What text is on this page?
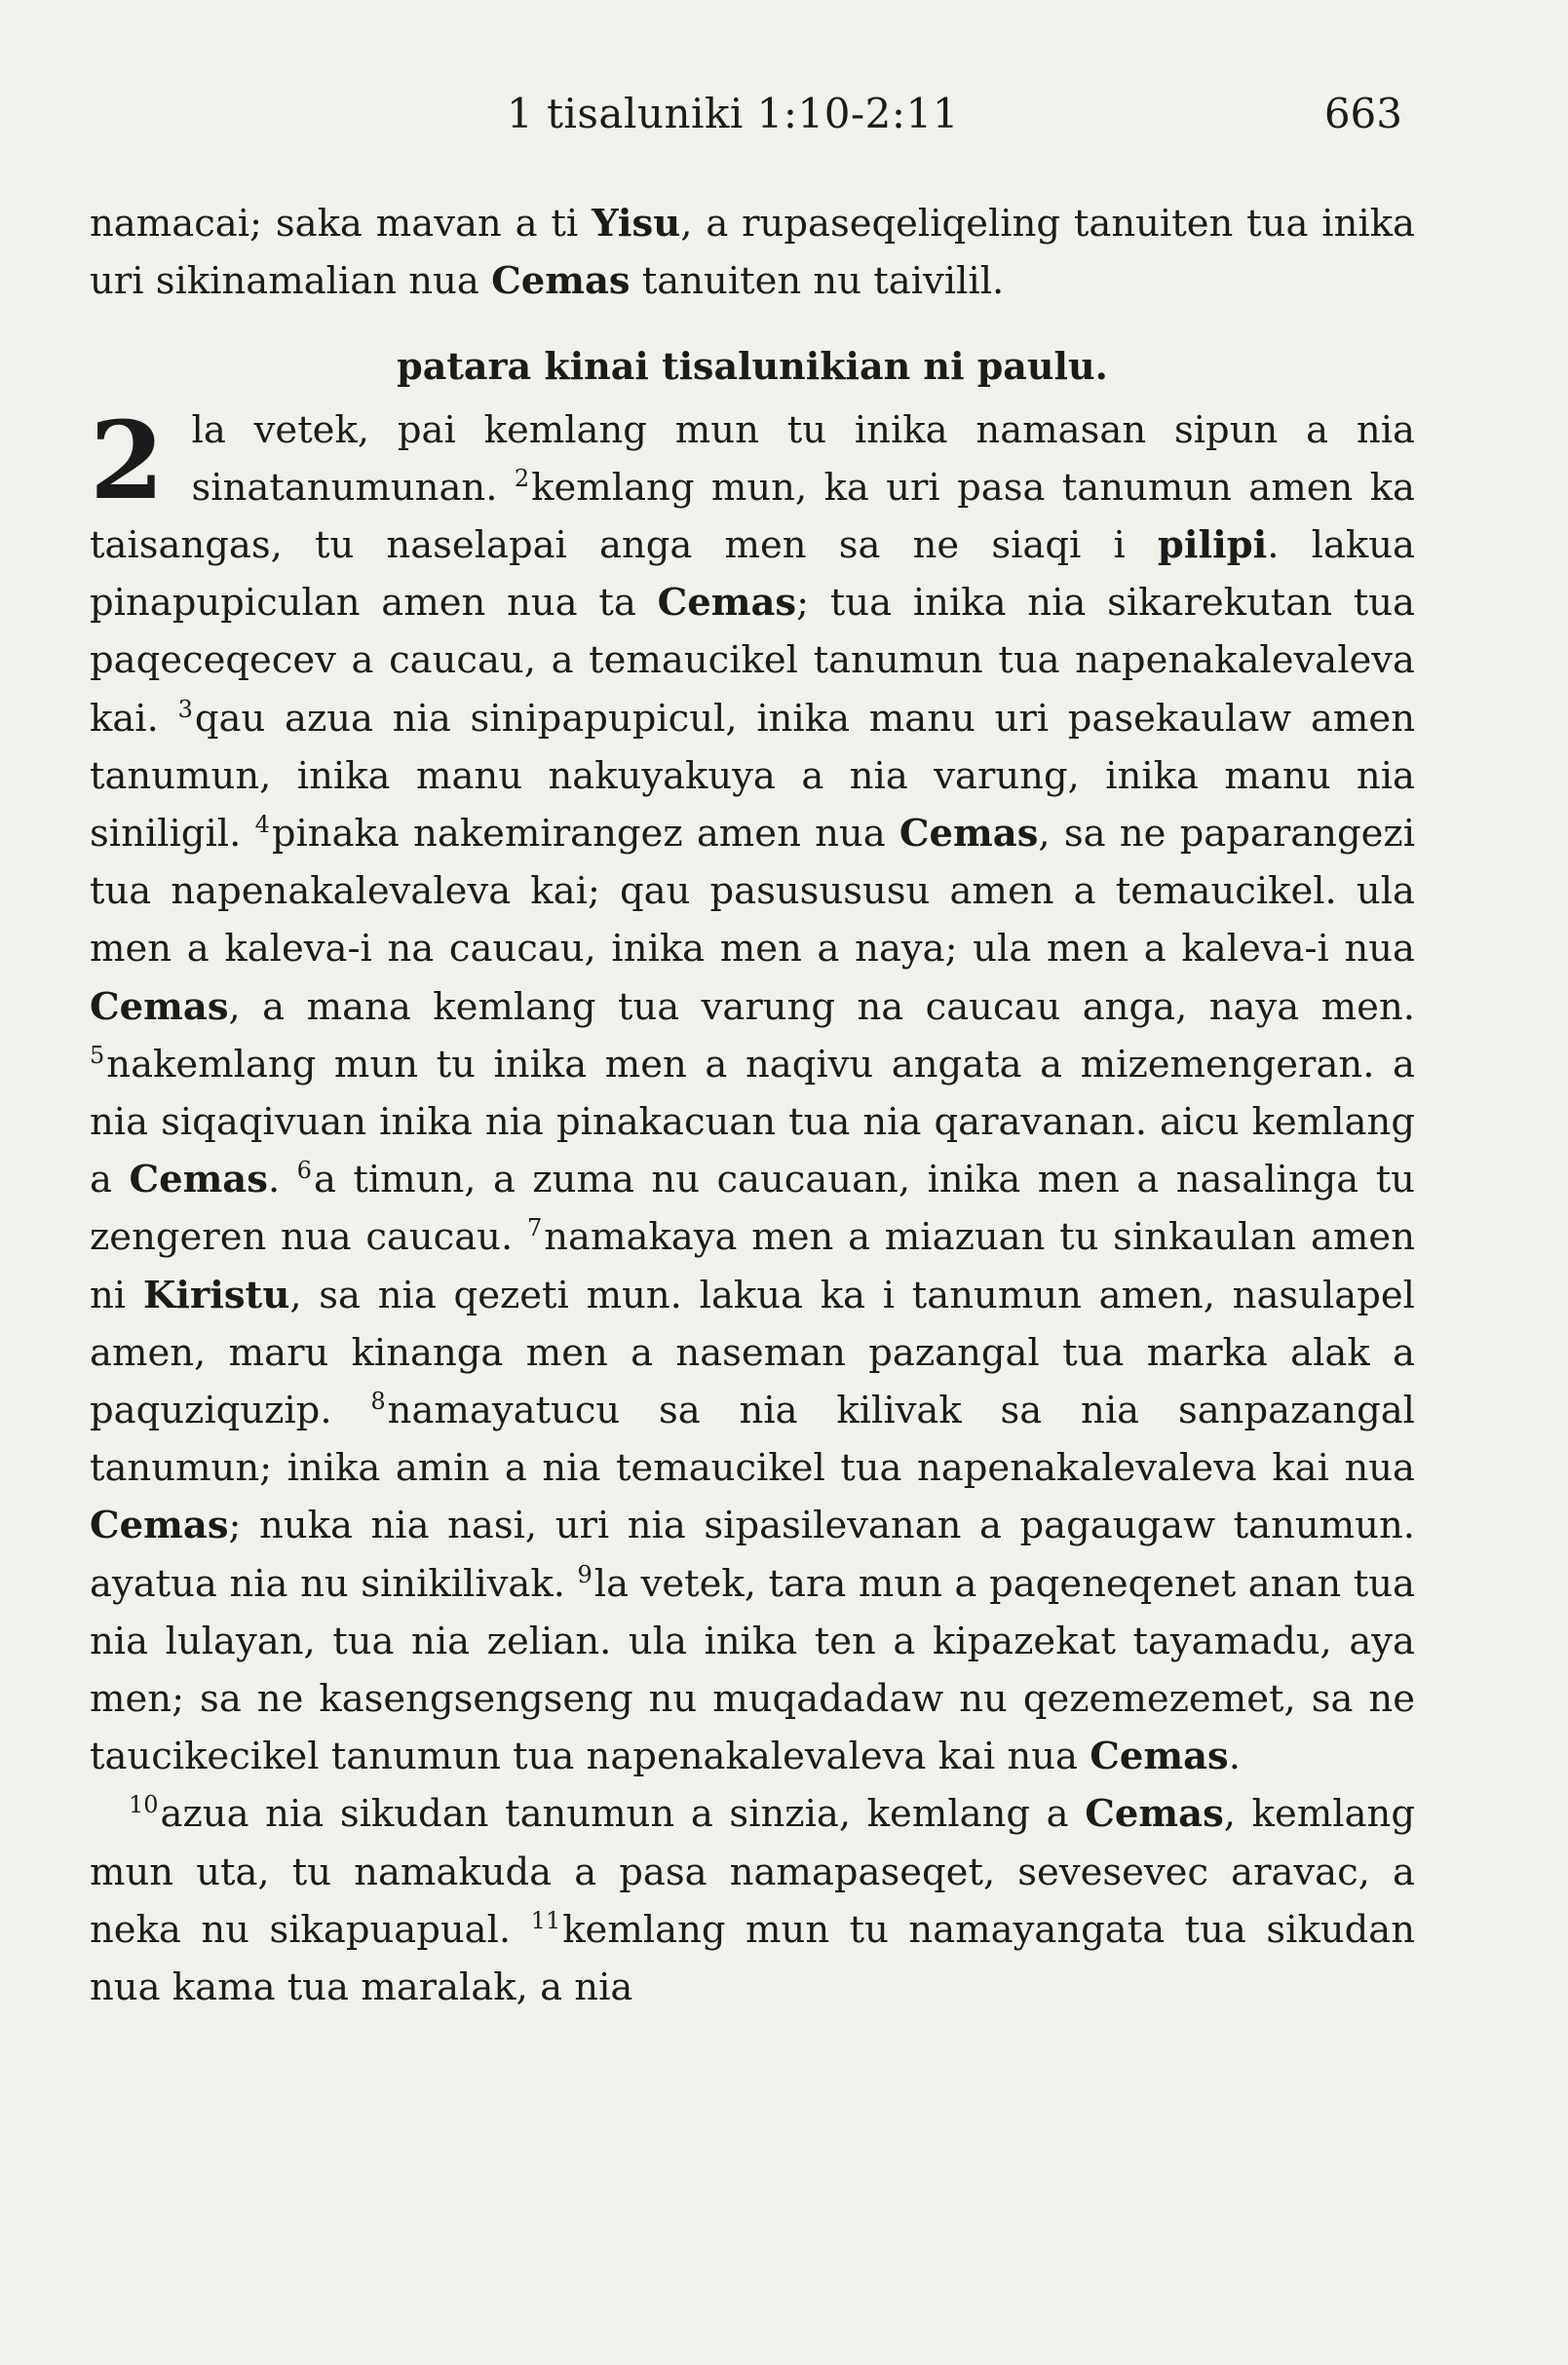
1 tisaluniki 1:10-2:11	663

namacai; saka mavan a ti Yisu, a rupaseqeliqeling tanuiten tua inika uri sikinamalian nua Cemas tanuiten nu taivilil.

patara kinai tisalunikian ni paulu.

2 la vetek, pai kemlang mun tu inika namasan sipun a nia sinatanumunan. $^2$kemlang mun, ka uri pasa tanumun amen ka taisangas, tu naselapai anga men sa ne siaqi i pilipi. lakua pinapupiculan amen nua ta Cemas; tua inika nia sikarekutan tua paqeceqecev a caucau, a temaucikel tanumun tua napenakalevaleva kai. $^3$qau azua nia sinipapupicul, inika manu uri pasekaulaw amen tanumun, inika manu nakuyakuya a nia varung, inika manu nia siniligil. $^4$pinaka nakemirangez amen nua Cemas, sa ne paparangezi tua napenakalevaleva kai; qau pasusususu amen a temaucikel. ula men a kaleva-i na caucau, inika men a naya; ula men a kaleva-i nua Cemas, a mana kemlang tua varung na caucau anga, naya men. $^5$nakemlang mun tu inika men a naqivu angata a mizemengeran. a nia siqaqivuan inika nia pinakacuan tua nia qaravanan. aicu kemlang a Cemas. $^6$a timun, a zuma nu caucauan, inika men a nasalinga tu zengeren nua caucau. $^7$namakaya men a miazuan tu sinkaulan amen ni Kiristu, sa nia qezeti mun. lakua ka i tanumun amen, nasulapel amen, maru kinanga men a naseman pazangal tua marka alak a paquziquzip. $^8$namayatucu sa nia kilivak sa nia sanpazangal tanumun; inika amin a nia temaucikel tua napenakalevaleva kai nua Cemas; nuka nia nasi, uri nia sipasilevanan a pagaugaw tanumun. ayatua nia nu sinikilivak. $^9$la vetek, tara mun a paqeneqenet anan tua nia lulayan, tua nia zelian. ula inika ten a kipazekat tayamadu, aya men; sa ne kasengsengseng nu muqadadaw nu qezemezemet, sa ne taucikecikel tanumun tua napenakalevaleva kai nua Cemas.

$^{10}$azua nia sikudan tanumun a sinzia, kemlang a Cemas, kemlang mun uta, tu namakuda a pasa namapaseqet, sevesevec aravac, a neka nu sikapuapual. $^{11}$kemlang mun tu namayangata tua sikudan nua kama tua maralak, a nia
